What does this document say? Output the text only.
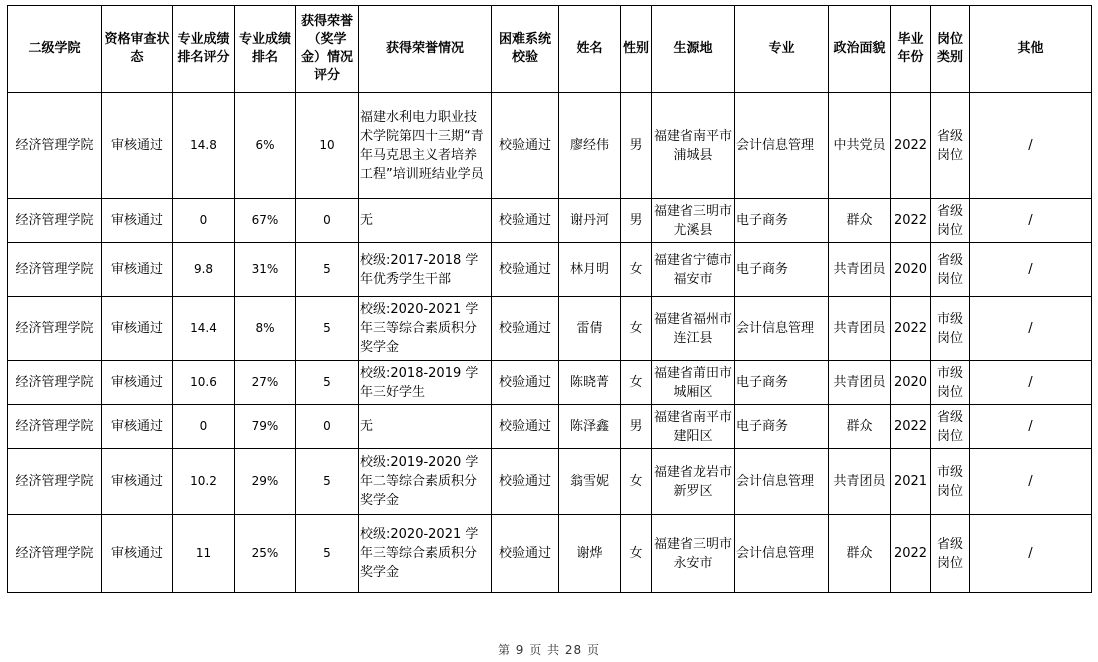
二级学院	资格审查状态	专业成绩排名评分	专业成绩排名	获得荣誉（奖学金）情况评分	获得荣誉情况	困难系统校验	姓名	性别	生源地	专业	政治面貌	毕业年份	岗位类别	其他
经济管理学院	审核通过	14.8	6%	10	福建水利电力职业技术学院第四十三期“青年马克思主义者培养工程”培训班结业学员	校验通过	廖经伟	男	福建省南平市浦城县	会计信息管理	中共党员	2022	省级岗位	/
经济管理学院	审核通过	0	67%	0	无	校验通过	谢丹河	男	福建省三明市尤溪县	电子商务	群众	2022	省级岗位	/
经济管理学院	审核通过	9.8	31%	5	校级:2017-2018 学年优秀学生干部	校验通过	林月明	女	福建省宁德市福安市	电子商务	共青团员	2020	省级岗位	/
经济管理学院	审核通过	14.4	8%	5	校级:2020-2021 学年三等综合素质积分奖学金	校验通过	雷倩	女	福建省福州市连江县	会计信息管理	共青团员	2022	市级岗位	/
经济管理学院	审核通过	10.6	27%	5	校级:2018-2019 学年三好学生	校验通过	陈晓菁	女	福建省莆田市城厢区	电子商务	共青团员	2020	市级岗位	/
经济管理学院	审核通过	0	79%	0	无	校验通过	陈泽鑫	男	福建省南平市建阳区	电子商务	群众	2022	省级岗位	/
经济管理学院	审核通过	10.2	29%	5	校级:2019-2020 学年二等综合素质积分奖学金	校验通过	翁雪妮	女	福建省龙岩市新罗区	会计信息管理	共青团员	2021	市级岗位	/
经济管理学院	审核通过	11	25%	5	校级:2020-2021 学年三等综合素质积分奖学金	校验通过	谢烨	女	福建省三明市永安市	会计信息管理	群众	2022	省级岗位	/
第 9 页 共 28 页
